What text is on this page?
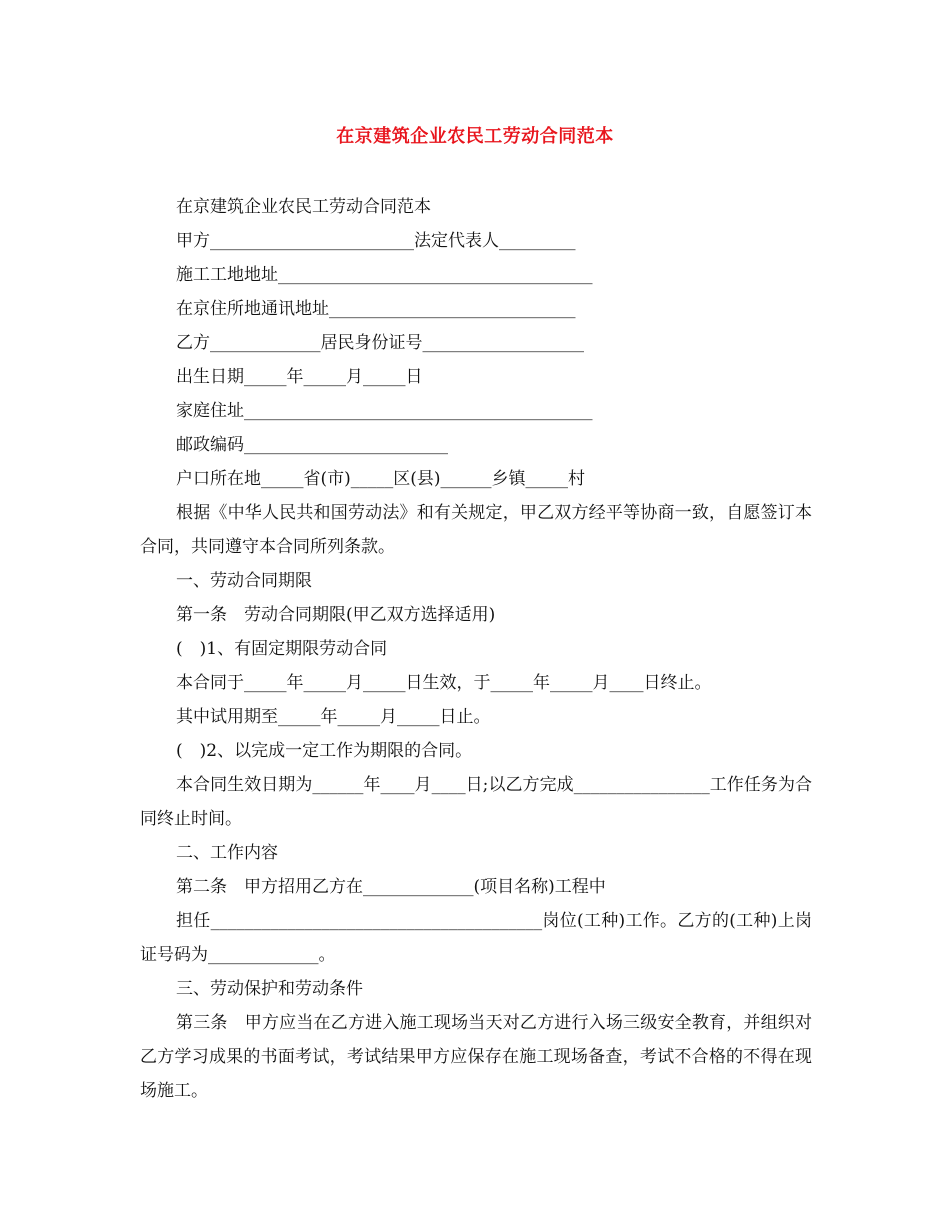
在京建筑企业农民工劳动合同范本
在京建筑企业农民工劳动合同范本
甲方________________________法定代表人_________
施工工地地址_____________________________________
在京住所地通讯地址_____________________________
乙方_____________居民身份证号___________________
出生日期_____年_____月_____日
家庭住址_________________________________________
邮政编码________________________
户口所在地_____省(市)_____区(县)______乡镇_____村
根据《中华人民共和国劳动法》和有关规定，甲乙双方经平等协商一致，自愿签订本合同，共同遵守本合同所列条款。
一、劳动合同期限
第一条　劳动合同期限(甲乙双方选择适用)
(　)1、有固定期限劳动合同
本合同于_____年_____月_____日生效，于_____年_____月____日终止。
其中试用期至_____年_____月_____日止。
(　)2、以完成一定工作为期限的合同。
本合同生效日期为______年____月____日;以乙方完成________________工作任务为合同终止时间。
二、工作内容
第二条　甲方招用乙方在_____________(项目名称)工程中
担任_______________________________________岗位(工种)工作。乙方的(工种)上岗证号码为_____________。
三、劳动保护和劳动条件
第三条　甲方应当在乙方进入施工现场当天对乙方进行入场三级安全教育，并组织对乙方学习成果的书面考试，考试结果甲方应保存在施工现场备查，考试不合格的不得在现场施工。
